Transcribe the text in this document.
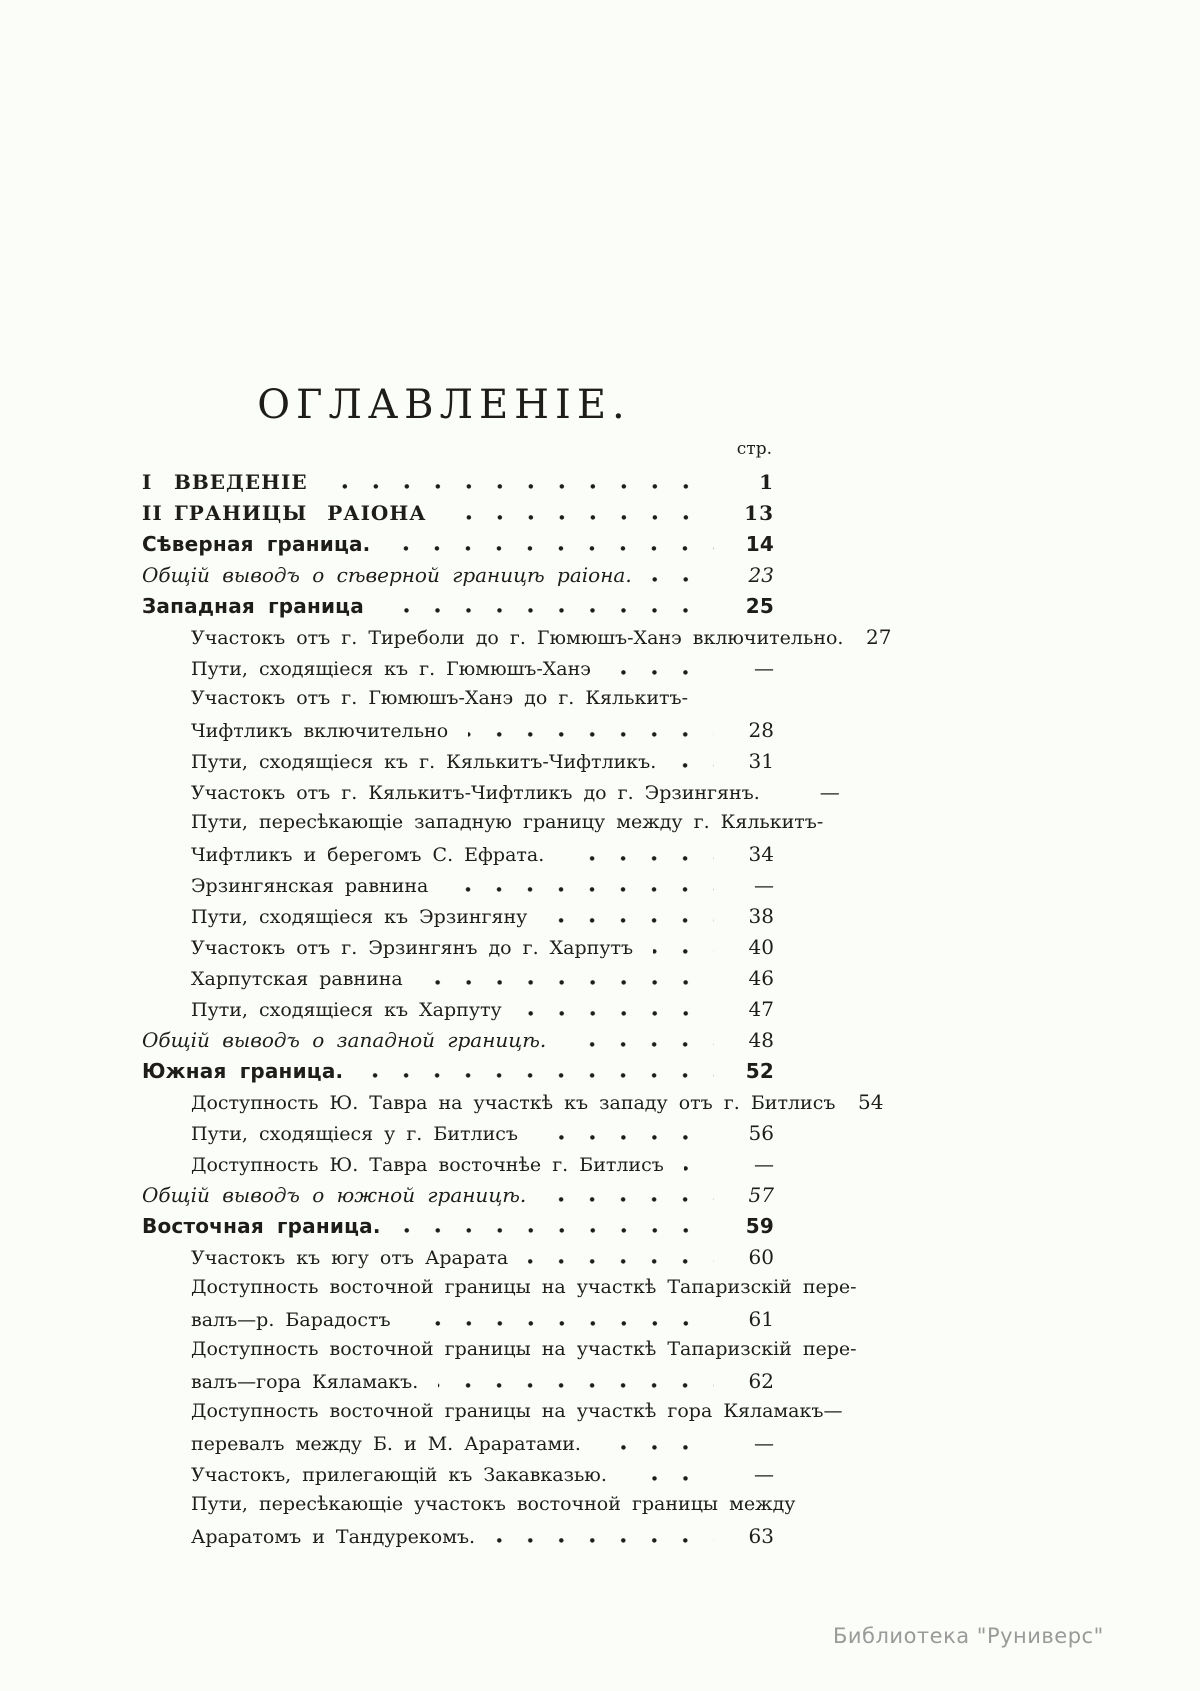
ОГЛАВЛЕНІЕ.
стр.
I	ВВЕДЕНІЕ	1
II ГРАНИЦЫ РАІОНА	13
Сѣверная граница.	14
Общій выводъ о сѣверной границѣ раіона.	23
Западная граница	25
Участокъ отъ г. Тиреболи до г. Гюмюшъ-Ханэ включительно.	27
Пути, сходящіеся къ г. Гюмюшъ-Ханэ	—
Участокъ отъ г. Гюмюшъ-Ханэ до г. Кялькитъ-
Чифтликъ включительно	28
Пути, сходящіеся къ г. Кялькитъ-Чифтликъ.	31
Участокъ отъ г. Кялькитъ-Чифтликъ до г. Эрзингянъ.	—
Пути, пересѣкающіе западную границу между г. Кялькитъ-
Чифтликъ и берегомъ С. Ефрата.	34
Эрзингянская равнина	—
Пути, сходящіеся къ Эрзингяну	38
Участокъ отъ г. Эрзингянъ до г. Харпутъ	40
Харпутская равнина	46
Пути, сходящіеся къ Харпуту	47
Общій выводъ о западной границѣ.	48
Южная граница.	52
Доступность Ю. Тавра на участкѣ къ западу отъ г. Битлисъ	54
Пути, сходящіеся у г. Битлисъ	56
Доступность Ю. Тавра восточнѣе г. Битлисъ	—
Общій выводъ о южной границѣ.	57
Восточная граница.	59
Участокъ къ югу отъ Арарата	60
Доступность восточной границы на участкѣ Тапаризскій пере-
валъ—р. Барадостъ	61
Доступность восточной границы на участкѣ Тапаризскій пере-
валъ—гора Кяламакъ.	62
Доступность восточной границы на участкѣ гора Кяламакъ—
перевалъ между Б. и М. Араратами.	—
Участокъ, прилегающій къ Закавказью.	—
Пути, пересѣкающіе участокъ восточной границы между
Араратомъ и Тандурекомъ.	63
Библиотека "Руниверс"
